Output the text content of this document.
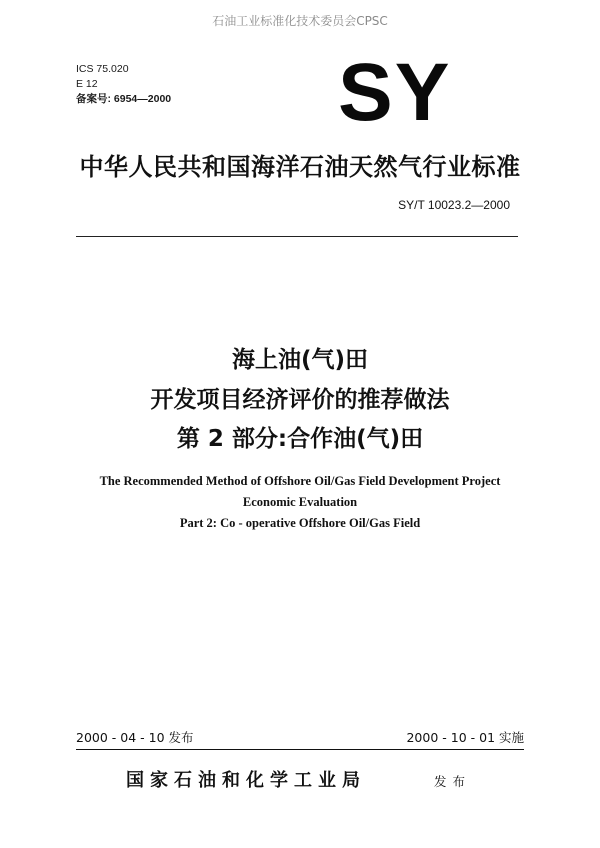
石油工业标准化技术委员会CPSC
ICS 75.020
E 12
备案号: 6954—2000 SY
中华人民共和国海洋石油天然气行业标准
SY/T 10023.2—2000
海上油(气)田
开发项目经济评价的推荐做法
第 2 部分:合作油(气)田
The Recommended Method of Offshore Oil/Gas Field Development Project
Economic Evaluation
Part 2: Co - operative Offshore Oil/Gas Field
2000 - 04 - 10 发布	2000 - 10 - 01 实施
国家石油和化学工业局	发布
